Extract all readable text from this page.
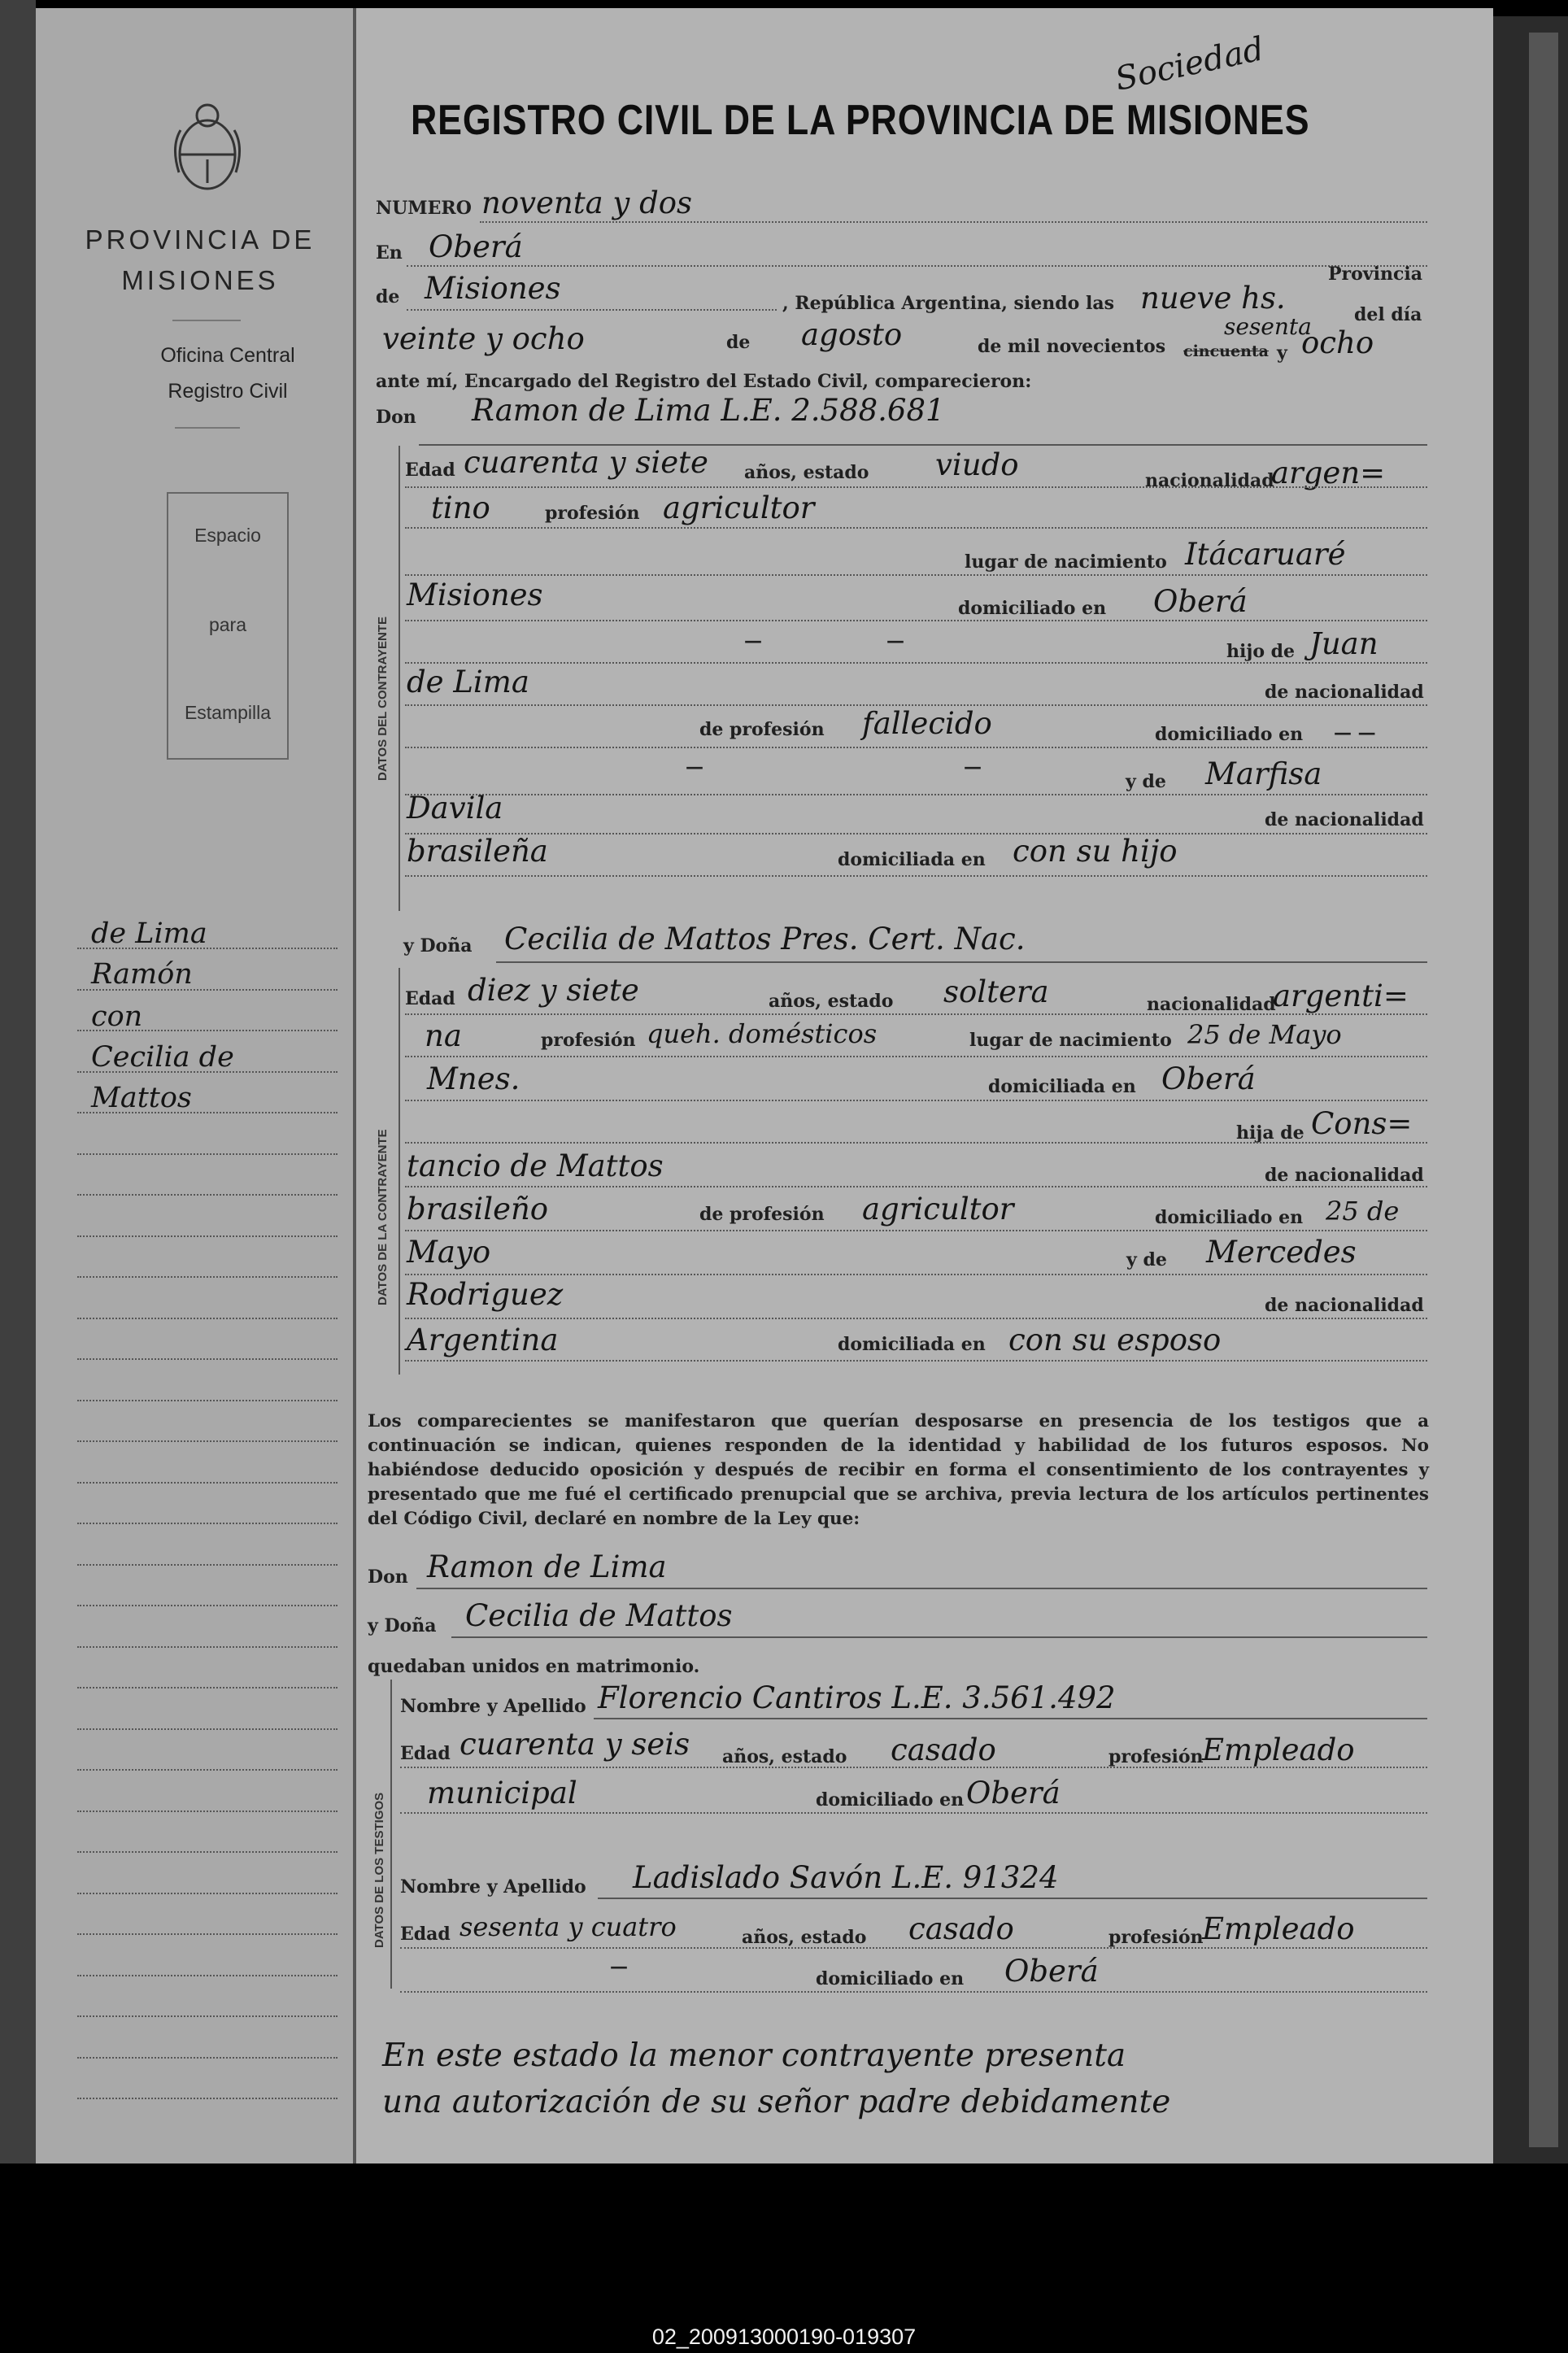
PROVINCIA DE
MISIONES
Oficina Central
Registro Civil
Espacio
para
Estampilla
de Lima
Ramón
con
Cecilia de
Mattos
REGISTRO CIVIL DE LA PROVINCIA DE MISIONES
Sociedad
NUMERO noventa y dos
En Oberá
de Misiones	Provincia
, República Argentina, siendo las nueve hs.	del día
veinte y ocho	de agosto	de mil novecientos cincuenta
sesenta
y ocho
ante mí, Encargado del Registro del Estado Civil, comparecieron:
Don Ramon de Lima L.E. 2.588.681
DATOS DEL CONTRAYENTE
Edad cuarenta y siete años, estado viudo	nacionalidad
argen=
tino	profesión agricultor
lugar de nacimiento Itácaruaré
Misiones	domiciliado en Oberá
—	—	hijo de Juan
de Lima	de nacionalidad
de profesión fallecido	domiciliado en — —
—	—
y de Marfisa
Davila	de nacionalidad
brasileña	domiciliada en con su hijo
y Doña Cecilia de Mattos Pres. Cert. Nac.
DATOS DE LA CONTRAYENTE
Edad diez y siete	años, estado soltera	nacionalidad
argenti=
na	profesión queh. domésticos	lugar de nacimiento 25 de Mayo
Mnes.	domiciliada en Oberá
hija de Cons=
tancio de Mattos	de nacionalidad
brasileño	de profesión agricultor	domiciliado en 25 de
Mayo	y de Mercedes
Rodriguez	de nacionalidad
Argentina	domiciliada en con su esposo
Los comparecientes se manifestaron que querían desposarse en presencia de los testigos que a continuación se indican, quienes responden de la identidad y habilidad de los futuros esposos. No habiéndose deducido oposición y después de recibir en forma el consentimiento de los contrayentes y presentado que me fué el certificado prenupcial que se archiva, previa lectura de los artículos pertinentes del Código Civil, declaré en nombre de la Ley que:
Don Ramon de Lima
y Doña Cecilia de Mattos
quedaban unidos en matrimonio.
DATOS DE LOS TESTIGOS
Nombre y Apellido Florencio Cantiros L.E. 3.561.492
Edad cuarenta y seis años, estado casado	profesión
Empleado
municipal	domiciliado en Oberá
Nombre y Apellido Ladislado Savón L.E. 91324
Edad sesenta y cuatro	años, estado casado	profesión
Empleado
—
domiciliado en Oberá
En este estado la menor contrayente presenta
una autorización de su señor padre debidamente
02_200913000190-019307
